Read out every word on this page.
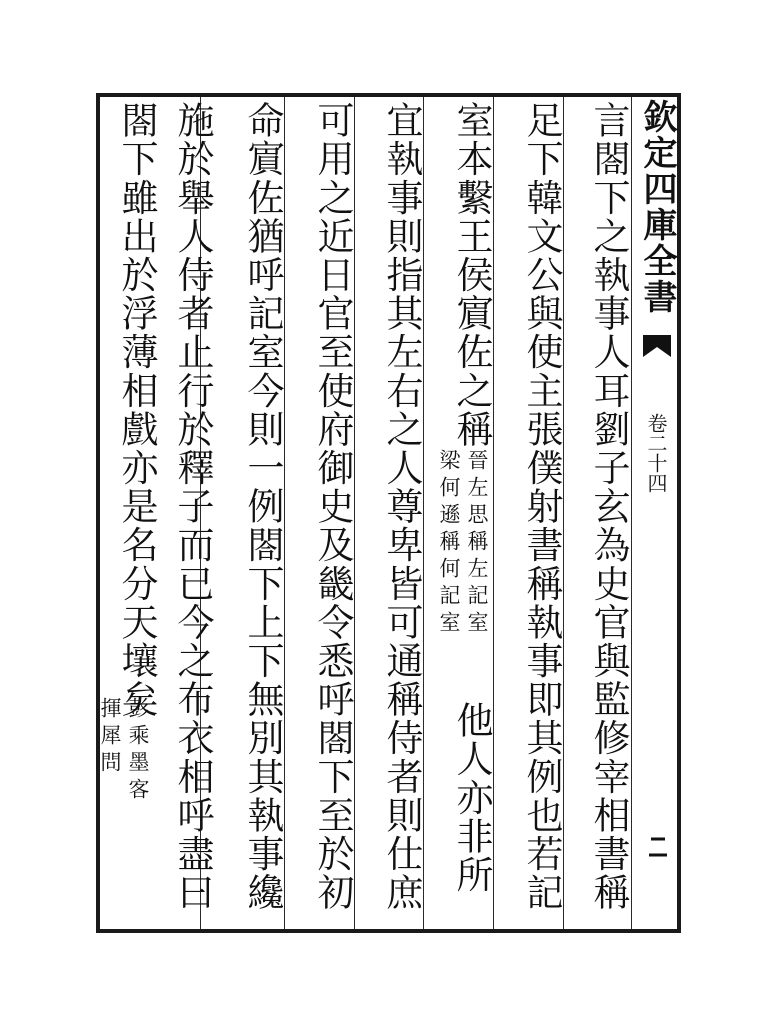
言閤下之執事人耳劉子玄為史官與監修宰相書稱
足下韓文公與使主張僕射書稱執事即其例也若記
室本繫王侯賔佐之稱
晉左思稱左記室
梁何遜稱何記室
他人亦非所
宜執事則指其左右之人尊卑皆可通稱侍者則仕庶
可用之近日官至使府御史及畿令悉呼閤下至於初
命賔佐猶呼記室今則一例閤下上下無別其執事纔
施於舉人侍者止行於釋子而已今之布衣相呼盡曰
閤下雖出於浮薄相戲亦是名分天壤矣
彭乘墨客
揮犀問
欽定四庫全書
卷二十四
